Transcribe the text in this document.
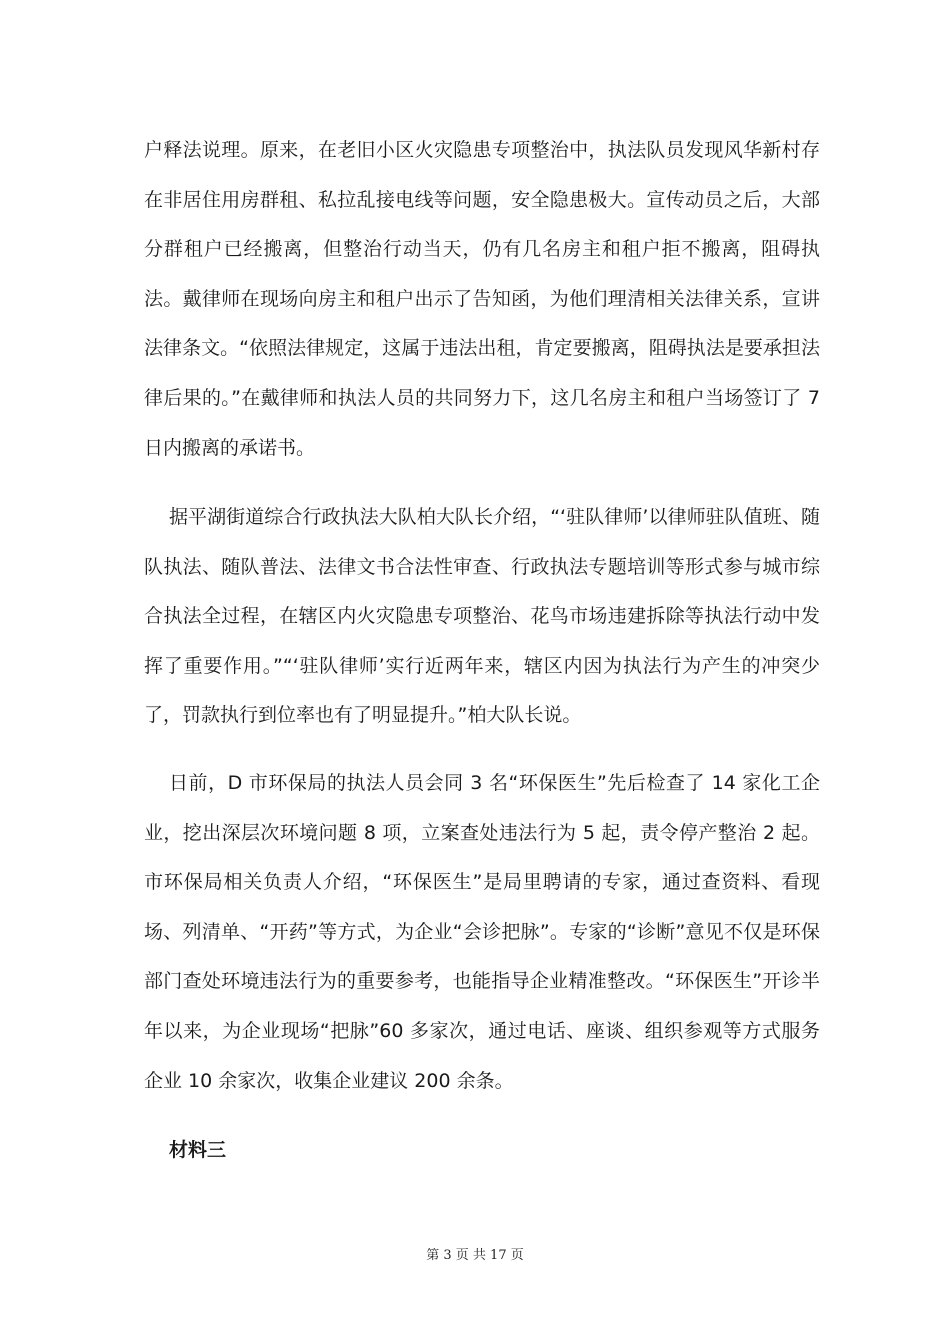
户释法说理。原来，在老旧小区火灾隐患专项整治中，执法队员发现风华新村存在非居住用房群租、私拉乱接电线等问题，安全隐患极大。宣传动员之后，大部分群租户已经搬离，但整治行动当天，仍有几名房主和租户拒不搬离，阻碍执法。戴律师在现场向房主和租户出示了告知函，为他们理清相关法律关系，宣讲法律条文。“依照法律规定，这属于违法出租，肯定要搬离，阻碍执法是要承担法律后果的。”在戴律师和执法人员的共同努力下，这几名房主和租户当场签订了 7 日内搬离的承诺书。

据平湖街道综合行政执法大队柏大队长介绍，“‘驻队律师’以律师驻队值班、随队执法、随队普法、法律文书合法性审查、行政执法专题培训等形式参与城市综合执法全过程，在辖区内火灾隐患专项整治、花鸟市场违建拆除等执法行动中发挥了重要作用。”“‘驻队律师’实行近两年来，辖区内因为执法行为产生的冲突少了，罚款执行到位率也有了明显提升。”柏大队长说。

日前，D 市环保局的执法人员会同 3 名“环保医生”先后检查了 14 家化工企业，挖出深层次环境问题 8 项，立案查处违法行为 5 起，责令停产整治 2 起。市环保局相关负责人介绍，“环保医生”是局里聘请的专家，通过查资料、看现场、列清单、“开药”等方式，为企业“会诊把脉”。专家的“诊断”意见不仅是环保部门查处环境违法行为的重要参考，也能指导企业精准整改。“环保医生”开诊半年以来，为企业现场“把脉”60 多家次，通过电话、座谈、组织参观等方式服务企业 10 余家次，收集企业建议 200 余条。

材料三
第 3 页 共 17 页
